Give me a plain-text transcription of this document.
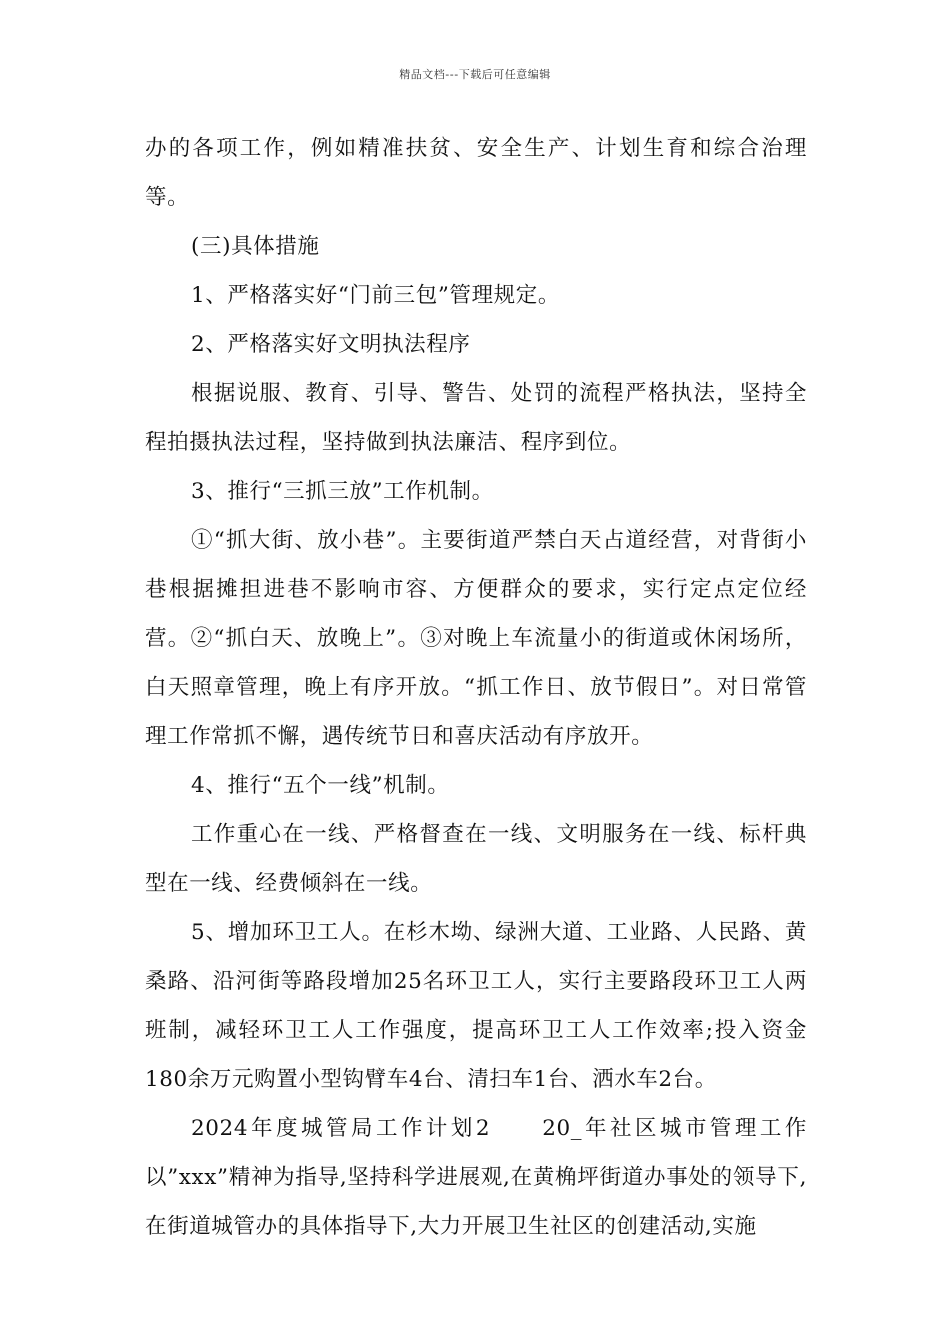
精品文档---下载后可任意编辑

办的各项工作，例如精准扶贫、安全生产、计划生育和综合治理等。

(三)具体措施

1、严格落实好“门前三包”管理规定。

2、严格落实好文明执法程序

根据说服、教育、引导、警告、处罚的流程严格执法，坚持全程拍摄执法过程，坚持做到执法廉洁、程序到位。

3、推行“三抓三放”工作机制。

①“抓大街、放小巷”。主要街道严禁白天占道经营，对背街小巷根据摊担进巷不影响市容、方便群众的要求，实行定点定位经营。②“抓白天、放晚上”。③对晚上车流量小的街道或休闲场所，白天照章管理，晚上有序开放。“抓工作日、放节假日”。对日常管理工作常抓不懈，遇传统节日和喜庆活动有序放开。

4、推行“五个一线”机制。

工作重心在一线、严格督查在一线、文明服务在一线、标杆典型在一线、经费倾斜在一线。

5、增加环卫工人。在杉木坳、绿洲大道、工业路、人民路、黄桑路、沿河街等路段增加25名环卫工人，实行主要路段环卫工人两班制，减轻环卫工人工作强度，提高环卫工人工作效率;投入资金180余万元购置小型钩臂车4台、清扫车1台、洒水车2台。

2024年度城管局工作计划2 20_年社区城市管理工作以”xxx”精神为指导,坚持科学进展观,在黄桷坪街道办事处的领导下,在街道城管办的具体指导下,大力开展卫生社区的创建活动,实施
